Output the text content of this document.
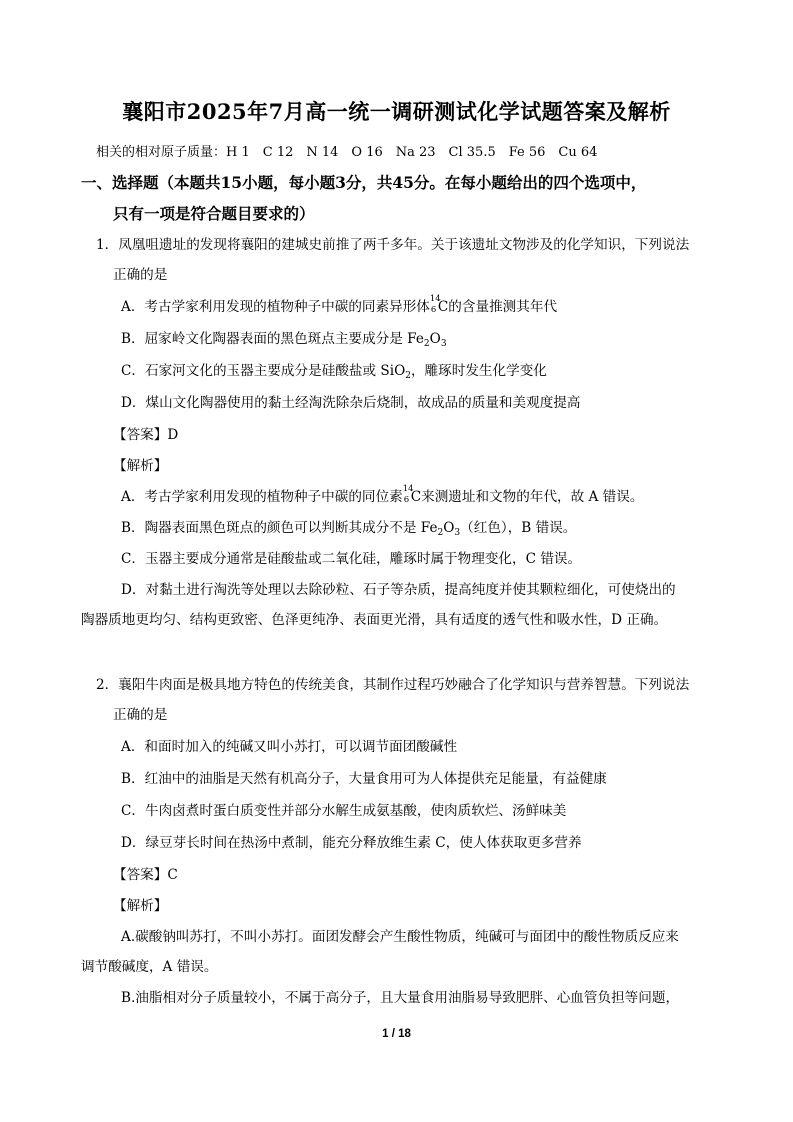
襄阳市2025年7月高一统一调研测试化学试题答案及解析
相关的相对原子质量：H 1　C 12　N 14　O 16　Na 23　Cl 35.5　Fe 56　Cu 64
一、选择题（本题共15小题，每小题3分，共45分。在每小题给出的四个选项中，
只有一项是符合题目要求的）
1．凤凰咀遗址的发现将襄阳的建城史前推了两千多年。关于该遗址文物涉及的化学知识，下列说法
正确的是
A．考古学家利用发现的植物种子中碳的同素异形体 14
6 C的含量推测其年代
B．屈家岭文化陶器表面的黑色斑点主要成分是 $Fe_2O_3$
C．石家河文化的玉器主要成分是硅酸盐或 SiO$_2$，雕琢时发生化学变化
D．煤山文化陶器使用的黏土经淘洗除杂后烧制，故成品的质量和美观度提高
【答案】D
【解析】
A．考古学家利用发现的植物种子中碳的同位素 14
6 C来测遗址和文物的年代，故 A 错误。
B．陶器表面黑色斑点的颜色可以判断其成分不是 $Fe_2O_3$（红色），B 错误。
C．玉器主要成分通常是硅酸盐或二氧化硅，雕琢时属于物理变化，C 错误。
D．对黏土进行淘洗等处理以去除砂粒、石子等杂质，提高纯度并使其颗粒细化，可使烧出的
陶器质地更均匀、结构更致密、色泽更纯净、表面更光滑，具有适度的透气性和吸水性，D 正确。
2．襄阳牛肉面是极具地方特色的传统美食，其制作过程巧妙融合了化学知识与营养智慧。下列说法
正确的是
A．和面时加入的纯碱又叫小苏打，可以调节面团酸碱性
B．红油中的油脂是天然有机高分子，大量食用可为人体提供充足能量，有益健康
C．牛肉卤煮时蛋白质变性并部分水解生成氨基酸，使肉质软烂、汤鲜味美
D．绿豆芽长时间在热汤中煮制，能充分释放维生素 C，使人体获取更多营养
【答案】C
【解析】
A.碳酸钠叫苏打，不叫小苏打。面团发酵会产生酸性物质，纯碱可与面团中的酸性物质反应来
调节酸碱度，A 错误。
B.油脂相对分子质量较小，不属于高分子，且大量食用油脂易导致肥胖、心血管负担等问题，
1 / 18
